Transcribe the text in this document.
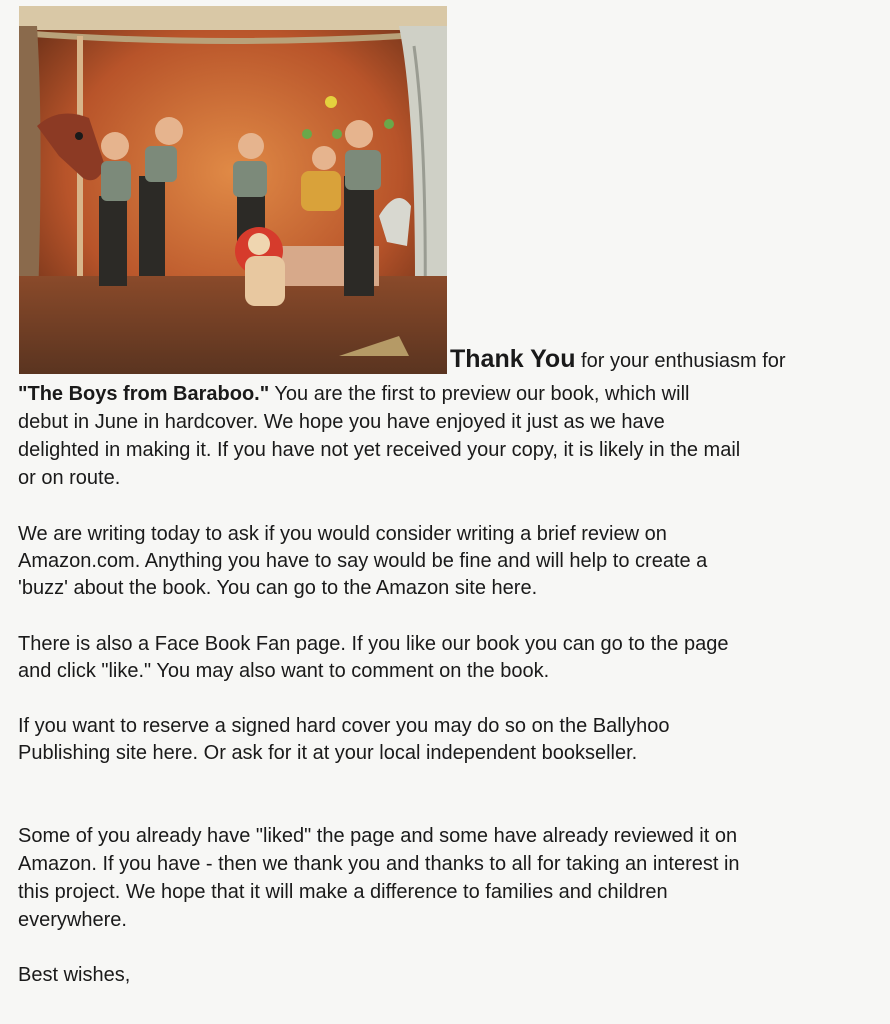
Thank You for your enthusiasm for
"The Boys from Baraboo." You are the first to preview our book, which will
debut in June in hardcover. We hope you have enjoyed it just as we have
delighted in making it. If you have not yet received your copy, it is likely in the mail
or on route.
We are writing today to ask if you would consider writing a brief review on
Amazon.com. Anything you have to say would be fine and will help to create a
'buzz' about the book. You can go to the Amazon site here.
There is also a Face Book Fan page. If you like our book you can go to the page
and click "like." You may also want to comment on the book.
If you want to reserve a signed hard cover you may do so on the Ballyhoo
Publishing site here. Or ask for it at your local independent bookseller.
Some of you already have "liked" the page and some have already reviewed it on
Amazon. If you have - then we thank you and thanks to all for taking an interest in
this project. We hope that it will make a difference to families and children
everywhere.
Best wishes,
